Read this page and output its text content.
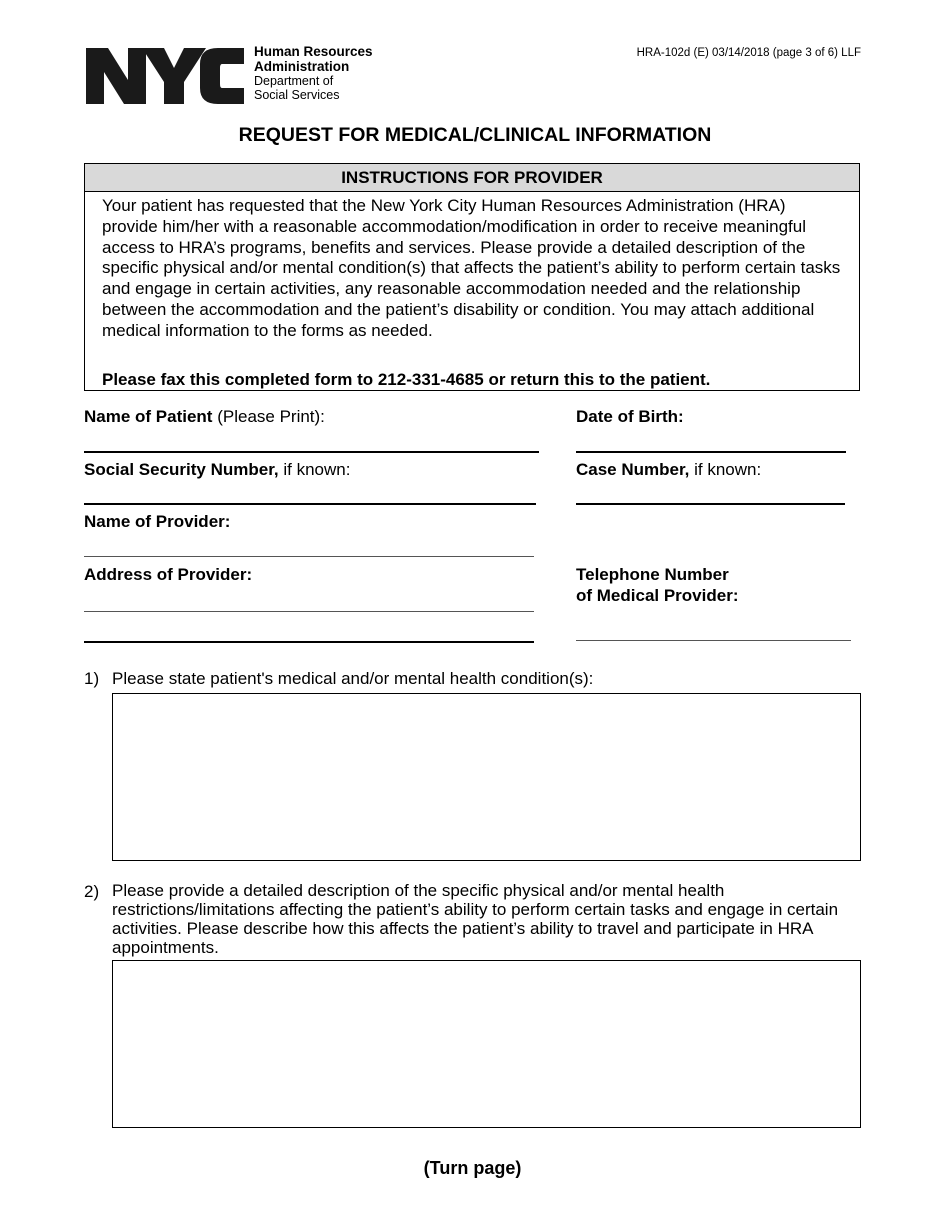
Human Resources
Administration
Department of
Social Services
HRA-102d (E) 03/14/2018 (page 3 of 6) LLF
REQUEST FOR MEDICAL/CLINICAL INFORMATION
INSTRUCTIONS FOR PROVIDER
Your patient has requested that the New York City Human Resources Administration (HRA) provide him/her with a reasonable accommodation/modification in order to receive meaningful access to HRA’s programs, benefits and services. Please provide a detailed description of the specific physical and/or mental condition(s) that affects the patient’s ability to perform certain tasks and engage in certain activities, any reasonable accommodation needed and the relationship between the accommodation and the patient’s disability or condition. You may attach additional medical information to the forms as needed.
Please fax this completed form to 212-331-4685 or return this to the patient.
Name of Patient (Please Print):	Date of Birth:
Social Security Number, if known:	Case Number, if known:
Name of Provider:
Address of Provider:	Telephone Number
of Medical Provider:
1) Please state patient's medical and/or mental health condition(s):
2) Please provide a detailed description of the specific physical and/or mental health restrictions/limitations affecting the patient’s ability to perform certain tasks and engage in certain activities. Please describe how this affects the patient’s ability to travel and participate in HRA appointments.
(Turn page)
